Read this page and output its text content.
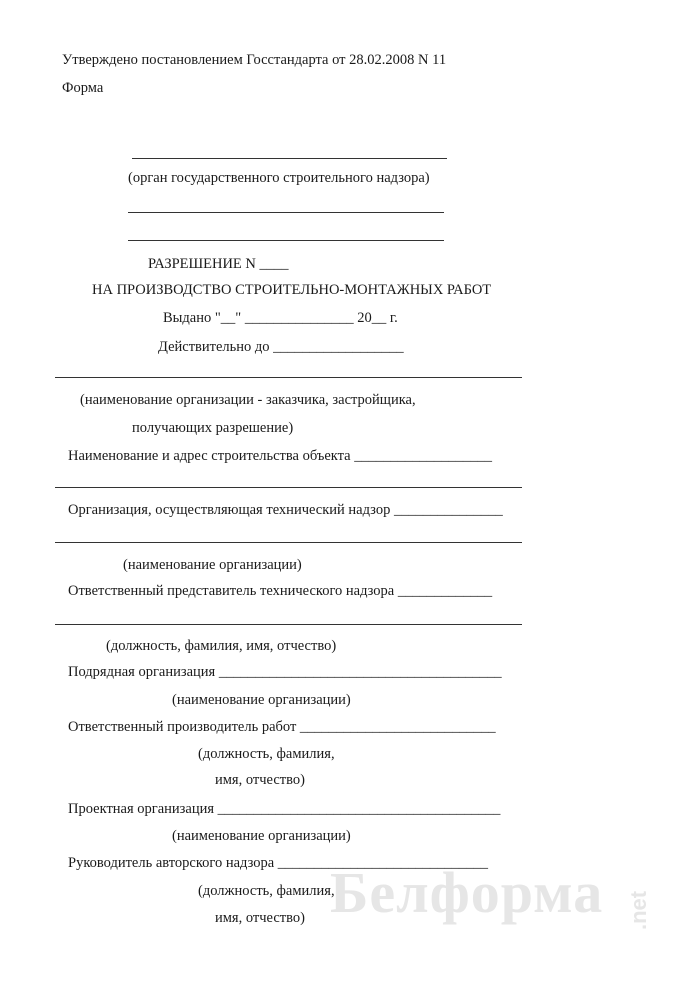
Утверждено постановлением Госстандарта от 28.02.2008 N 11
Форма
(орган государственного строительного надзора)
РАЗРЕШЕНИЕ N ____
НА ПРОИЗВОДСТВО СТРОИТЕЛЬНО-МОНТАЖНЫХ РАБОТ
Выдано "__" _______________ 20__ г.
Действительно до __________________
(наименование организации - заказчика, застройщика,
получающих разрешение)
Наименование и адрес строительства объекта ___________________
Организация, осуществляющая технический надзор _______________
(наименование организации)
Ответственный представитель технического надзора _____________
(должность, фамилия, имя, отчество)
Подрядная организация _______________________________________
(наименование организации)
Ответственный производитель работ ___________________________
(должность, фамилия,
имя, отчество)
Проектная организация _______________________________________
(наименование организации)
Руководитель авторского надзора _____________________________
(должность, фамилия,
имя, отчество) Белформа .net
